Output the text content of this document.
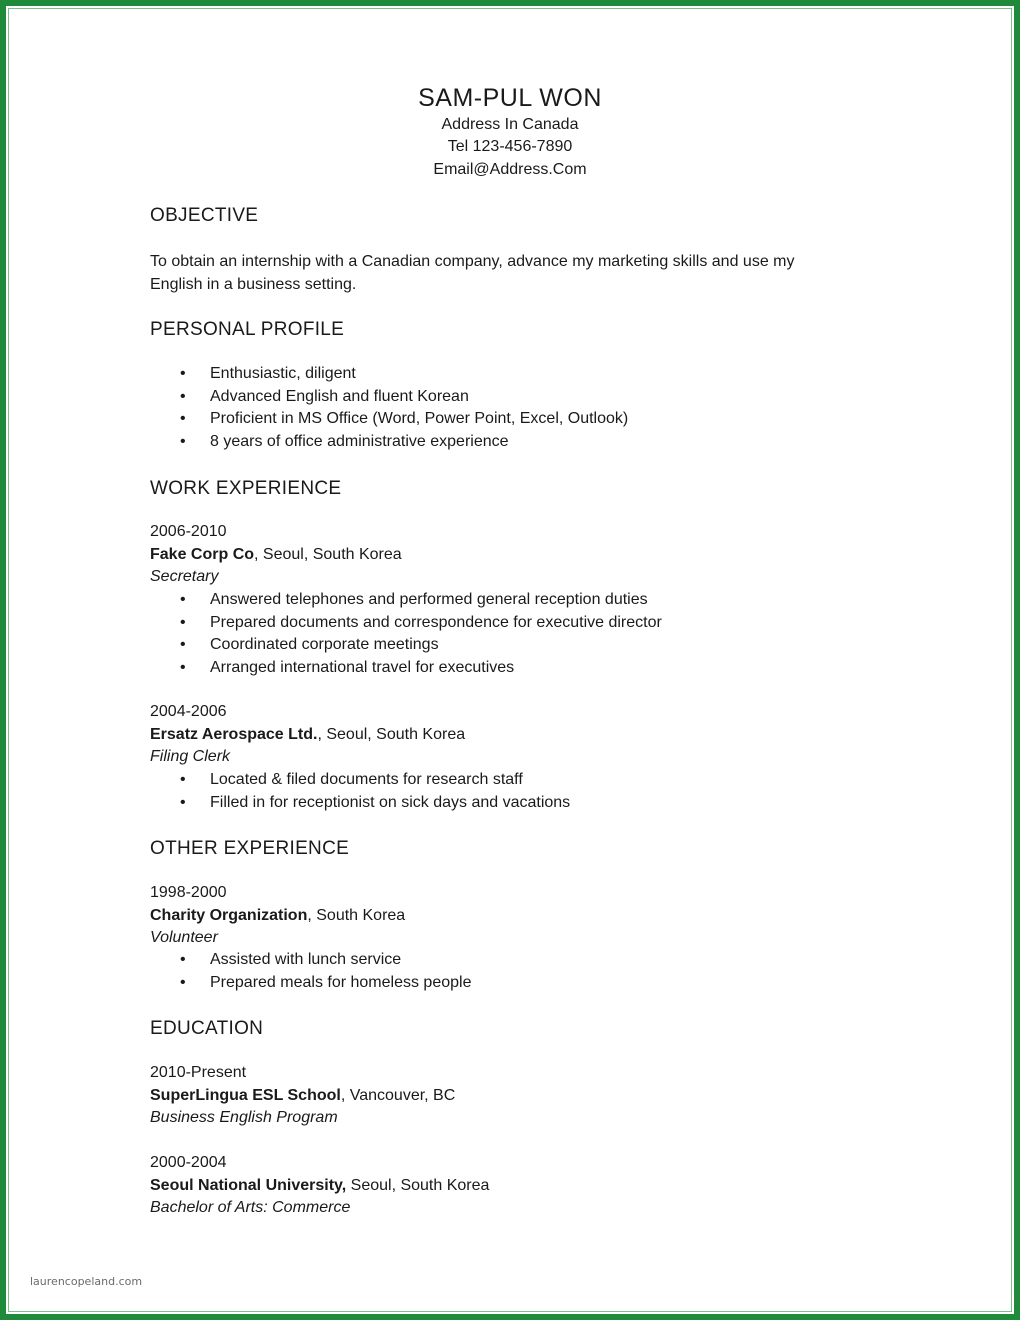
SAM-PUL WON
Address In Canada
Tel 123-456-7890
Email@Address.Com
OBJECTIVE
To obtain an internship with a Canadian company, advance my marketing skills and use my
English in a business setting.
PERSONAL PROFILE
• Enthusiastic, diligent
• Advanced English and fluent Korean
• Proficient in MS Office (Word, Power Point, Excel, Outlook)
• 8 years of office administrative experience
WORK EXPERIENCE
2006-2010
Fake Corp Co, Seoul, South Korea
Secretary
• Answered telephones and performed general reception duties
• Prepared documents and correspondence for executive director
• Coordinated corporate meetings
• Arranged international travel for executives
2004-2006
Ersatz Aerospace Ltd., Seoul, South Korea
Filing Clerk
• Located & filed documents for research staff
• Filled in for receptionist on sick days and vacations
OTHER EXPERIENCE
1998-2000
Charity Organization, South Korea
Volunteer
• Assisted with lunch service
• Prepared meals for homeless people
EDUCATION
2010-Present
SuperLingua ESL School, Vancouver, BC
Business English Program
2000-2004
Seoul National University, Seoul, South Korea
Bachelor of Arts: Commerce
laurencopeland.com
